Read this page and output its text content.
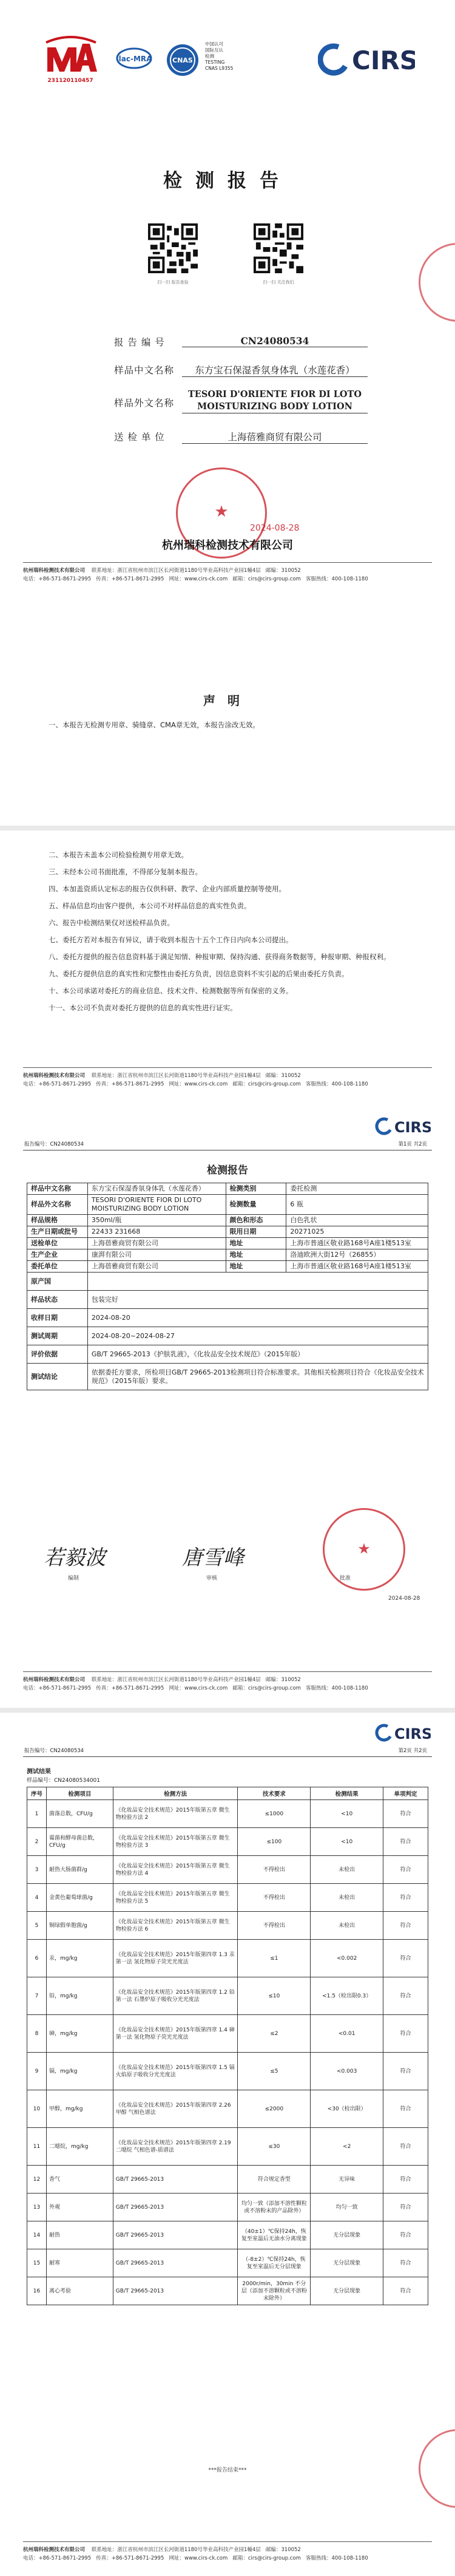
231120110457
ilac-MRA	CNAS
中国认可
国际互认
检测
TESTING
CNAS L9355	CIRS
检测报告
扫一扫 报告查验	扫一扫 关注我们
报 告 编 号	CN24080534
样品中文名称	东方宝石保湿香氛身体乳（水莲花香）
样品外文名称
TESORI D'ORIENTE FIOR DI LOTO MOISTURIZING BODY LOTION
送 检 单 位	上海蓓雅商贸有限公司
★
杭州瑞科检测技术有限公司
2024-08-28
杭州瑞科检测技术有限公司 联系地址：浙江省杭州市滨江区长河街道1180号华业高科技产业园1幢4层 邮编：310052
电话：+86-571-8671-2995 传真：+86-571-8671-2995 网址：www.cirs-ck.com 邮箱：cirs@cirs-group.com 客服热线：400-108-1180
声明
一、本报告无检测专用章、骑缝章、CMA章无效，本报告涂改无效。
二、本报告未盖本公司检验检测专用章无效。
三、未经本公司书面批准，不得部分复制本报告。
四、本加盖资质认定标志的报告仅供科研、教学、企业内部质量控制等使用。
五、样品信息均由客户提供，本公司不对样品信息的真实性负责。
六、报告中检测结果仅对送检样品负责。
七、委托方若对本报告有异议，请于收到本报告十五个工作日内向本公司提出。
八、委托方提供的报告信息资料基于满足知情、种报审期、保持沟通、获得商务数据等，种报审期、种报权利。
九、委托方提供信息的真实性和完整性由委托方负责，因信息资料不实引起的后果由委托方负责。
十、本公司承诺对委托方的商业信息、技术文件、检测数据等所有保密的义务。
十一、本公司不负责对委托方提供的信息的真实性进行证实。
杭州瑞科检测技术有限公司 联系地址：浙江省杭州市滨江区长河街道1180号华业高科技产业园1幢4层 邮编：310052
电话：+86-571-8671-2995 传真：+86-571-8671-2995 网址：www.cirs-ck.com 邮箱：cirs@cirs-group.com 客服热线：400-108-1180
报告编号：CN24080534	第1页 共2页
CIRS
检测报告
样品中文名称	东方宝石保湿香氛身体乳（水莲花香）	检测类别	委托检测
样品外文名称	TESORI D'ORIENTE FIOR DI LOTO MOISTURIZING BODY LOTION	检测数量	6 瓶
样品规格	350ml/瓶	颜色和形态	白色乳状
生产日期或批号	22433 231668	限用日期	20271025
送检单位	上海蓓雅商贸有限公司	地址	上海市普通区敬业路168号A座1楼513室
生产企业	康湃有限公司	地址	洛迪欧洲大街12号（26855）
委托单位	上海蓓雅商贸有限公司	地址	上海市普通区敬业路168号A座1楼513室
原产国			
样品状态	包装完好		
收样日期	2024-08-20		
测试周期	2024-08-20~2024-08-27		
评价依据	GB/T 29665-2013《护肤乳液》，《化妆品安全技术规范》（2015年版）		
测试结论	依据委托方要求，所检项目GB/T 29665-2013检测项目符合标准要求。其他相关检测项目符合《化妆品安全技术规范》（2015年版）要求。		
若毅波
编制
唐雪峰
审核
★
批准
2024-08-28
杭州瑞科检测技术有限公司 联系地址：浙江省杭州市滨江区长河街道1180号华业高科技产业园1幢4层 邮编：310052
电话：+86-571-8671-2995 传真：+86-571-8671-2995 网址：www.cirs-ck.com 邮箱：cirs@cirs-group.com 客服热线：400-108-1180
报告编号：CN24080534	第2页 共2页
CIRS
测试结果
样品编号：CN24080534001
序号	检测项目	检测方法	技术要求	检测结果	单项判定
1	菌落总数，CFU/g	《化妆品安全技术规范》2015年版第五章 微生物检验方法 2	≤1000	<10	符合
2	霉菌和酵母菌总数，CFU/g	《化妆品安全技术规范》2015年版第五章 微生物检验方法 3	≤100	<10	符合
3	耐热大肠菌群/g	《化妆品安全技术规范》2015年版第五章 微生物检验方法 4	不得检出	未检出	符合
4	金黄色葡萄球菌/g	《化妆品安全技术规范》2015年版第五章 微生物检验方法 5	不得检出	未检出	符合
5	铜绿假单胞菌/g	《化妆品安全技术规范》2015年版第五章 微生物检验方法 6	不得检出	未检出	符合
6	汞，mg/kg	《化妆品安全技术规范》2015年版第四章 1.3 汞 第一法 氢化物原子荧光光度法	≤1	<0.002	符合
7	铅，mg/kg	《化妆品安全技术规范》2015年版第四章 1.2 铅 第一法 石墨炉原子吸收分光光度法	≤10	<1.5（检出限0.3）	符合
8	砷，mg/kg	《化妆品安全技术规范》2015年版第四章 1.4 砷 第一法 氢化物原子荧光光度法	≤2	<0.01	符合
9	镉，mg/kg	《化妆品安全技术规范》2015年版第四章 1.5 镉 火焰原子吸收分光光度法	≤5	<0.003	符合
10	甲醇，mg/kg	《化妆品安全技术规范》2015年版第四章 2.26 甲醇 气相色谱法	≤2000	<30（检出限）	符合
11	二噁烷，mg/kg	《化妆品安全技术规范》2015年版第四章 2.19 二噁烷 气相色谱-质谱法	≤30	<2	符合
12	香气	GB/T 29665-2013	符合规定香型	无异味	符合
13	外观	GB/T 29665-2013	均匀一致（添加不溶性颗粒或不溶粉末的产品除外）	均匀一致	符合
14	耐热	GB/T 29665-2013	（40±1）℃保持24h，恢复至室温后无油水分离现象	无分层现象	符合
15	耐寒	GB/T 29665-2013	（-8±2）℃保持24h，恢复至室温后无分层现象	无分层现象	符合
16	离心考验	GB/T 29665-2013	2000r/min，30min 不分层（添加不溶颗粒或不溶粉末除外）	无分层现象	符合
***报告结束***
杭州瑞科检测技术有限公司 联系地址：浙江省杭州市滨江区长河街道1180号华业高科技产业园1幢4层 邮编：310052
电话：+86-571-8671-2995 传真：+86-571-8671-2995 网址：www.cirs-ck.com 邮箱：cirs@cirs-group.com 客服热线：400-108-1180
